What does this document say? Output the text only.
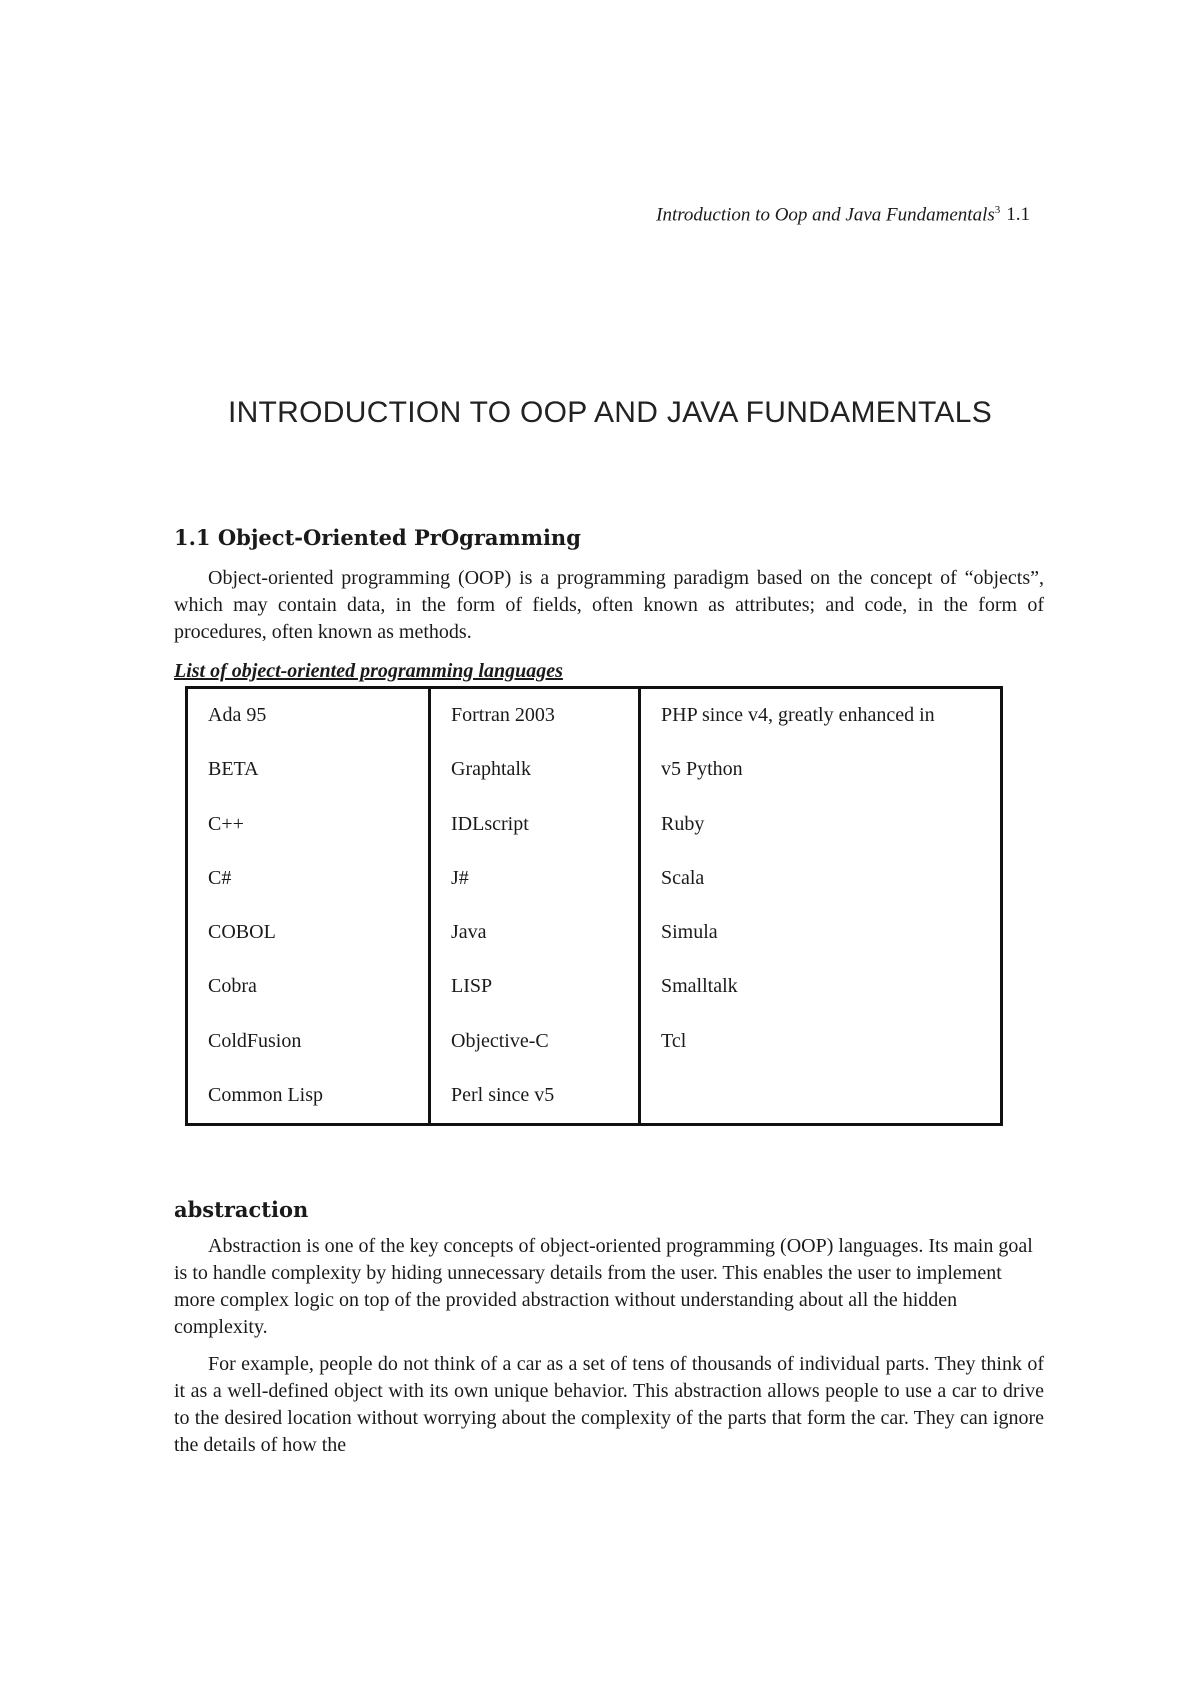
Introduction to Oop and Java Fundamentals$^3$ 1.1
INTRODUCTION TO OOP AND JAVA FUNDAMENTALS
1.1 Object-Oriented PrOgramming
Object-oriented programming (OOP) is a programming paradigm based on the concept of “objects”, which may contain data, in the form of fields, often known as attributes; and code, in the form of procedures, often known as methods.
List of object-oriented programming languages
Ada 95
BETA
C++
C#
COBOL
Cobra
ColdFusion
Common Lisp
Fortran 2003
Graphtalk
IDLscript
J#
Java
LISP
Objective-C
Perl since v5
PHP since v4, greatly enhanced in
v5 Python
Ruby
Scala
Simula
Smalltalk
Tcl
abstraction
Abstraction is one of the key concepts of object-oriented programming (OOP) languages. Its main goal is to handle complexity by hiding unnecessary details from the user. This enables the user to implement more complex logic on top of the provided abstraction without understanding about all the hidden complexity.
For example, people do not think of a car as a set of tens of thousands of individual parts. They think of it as a well-defined object with its own unique behavior. This abstraction allows people to use a car to drive to the desired location without worrying about the complexity of the parts that form the car. They can ignore the details of how the
